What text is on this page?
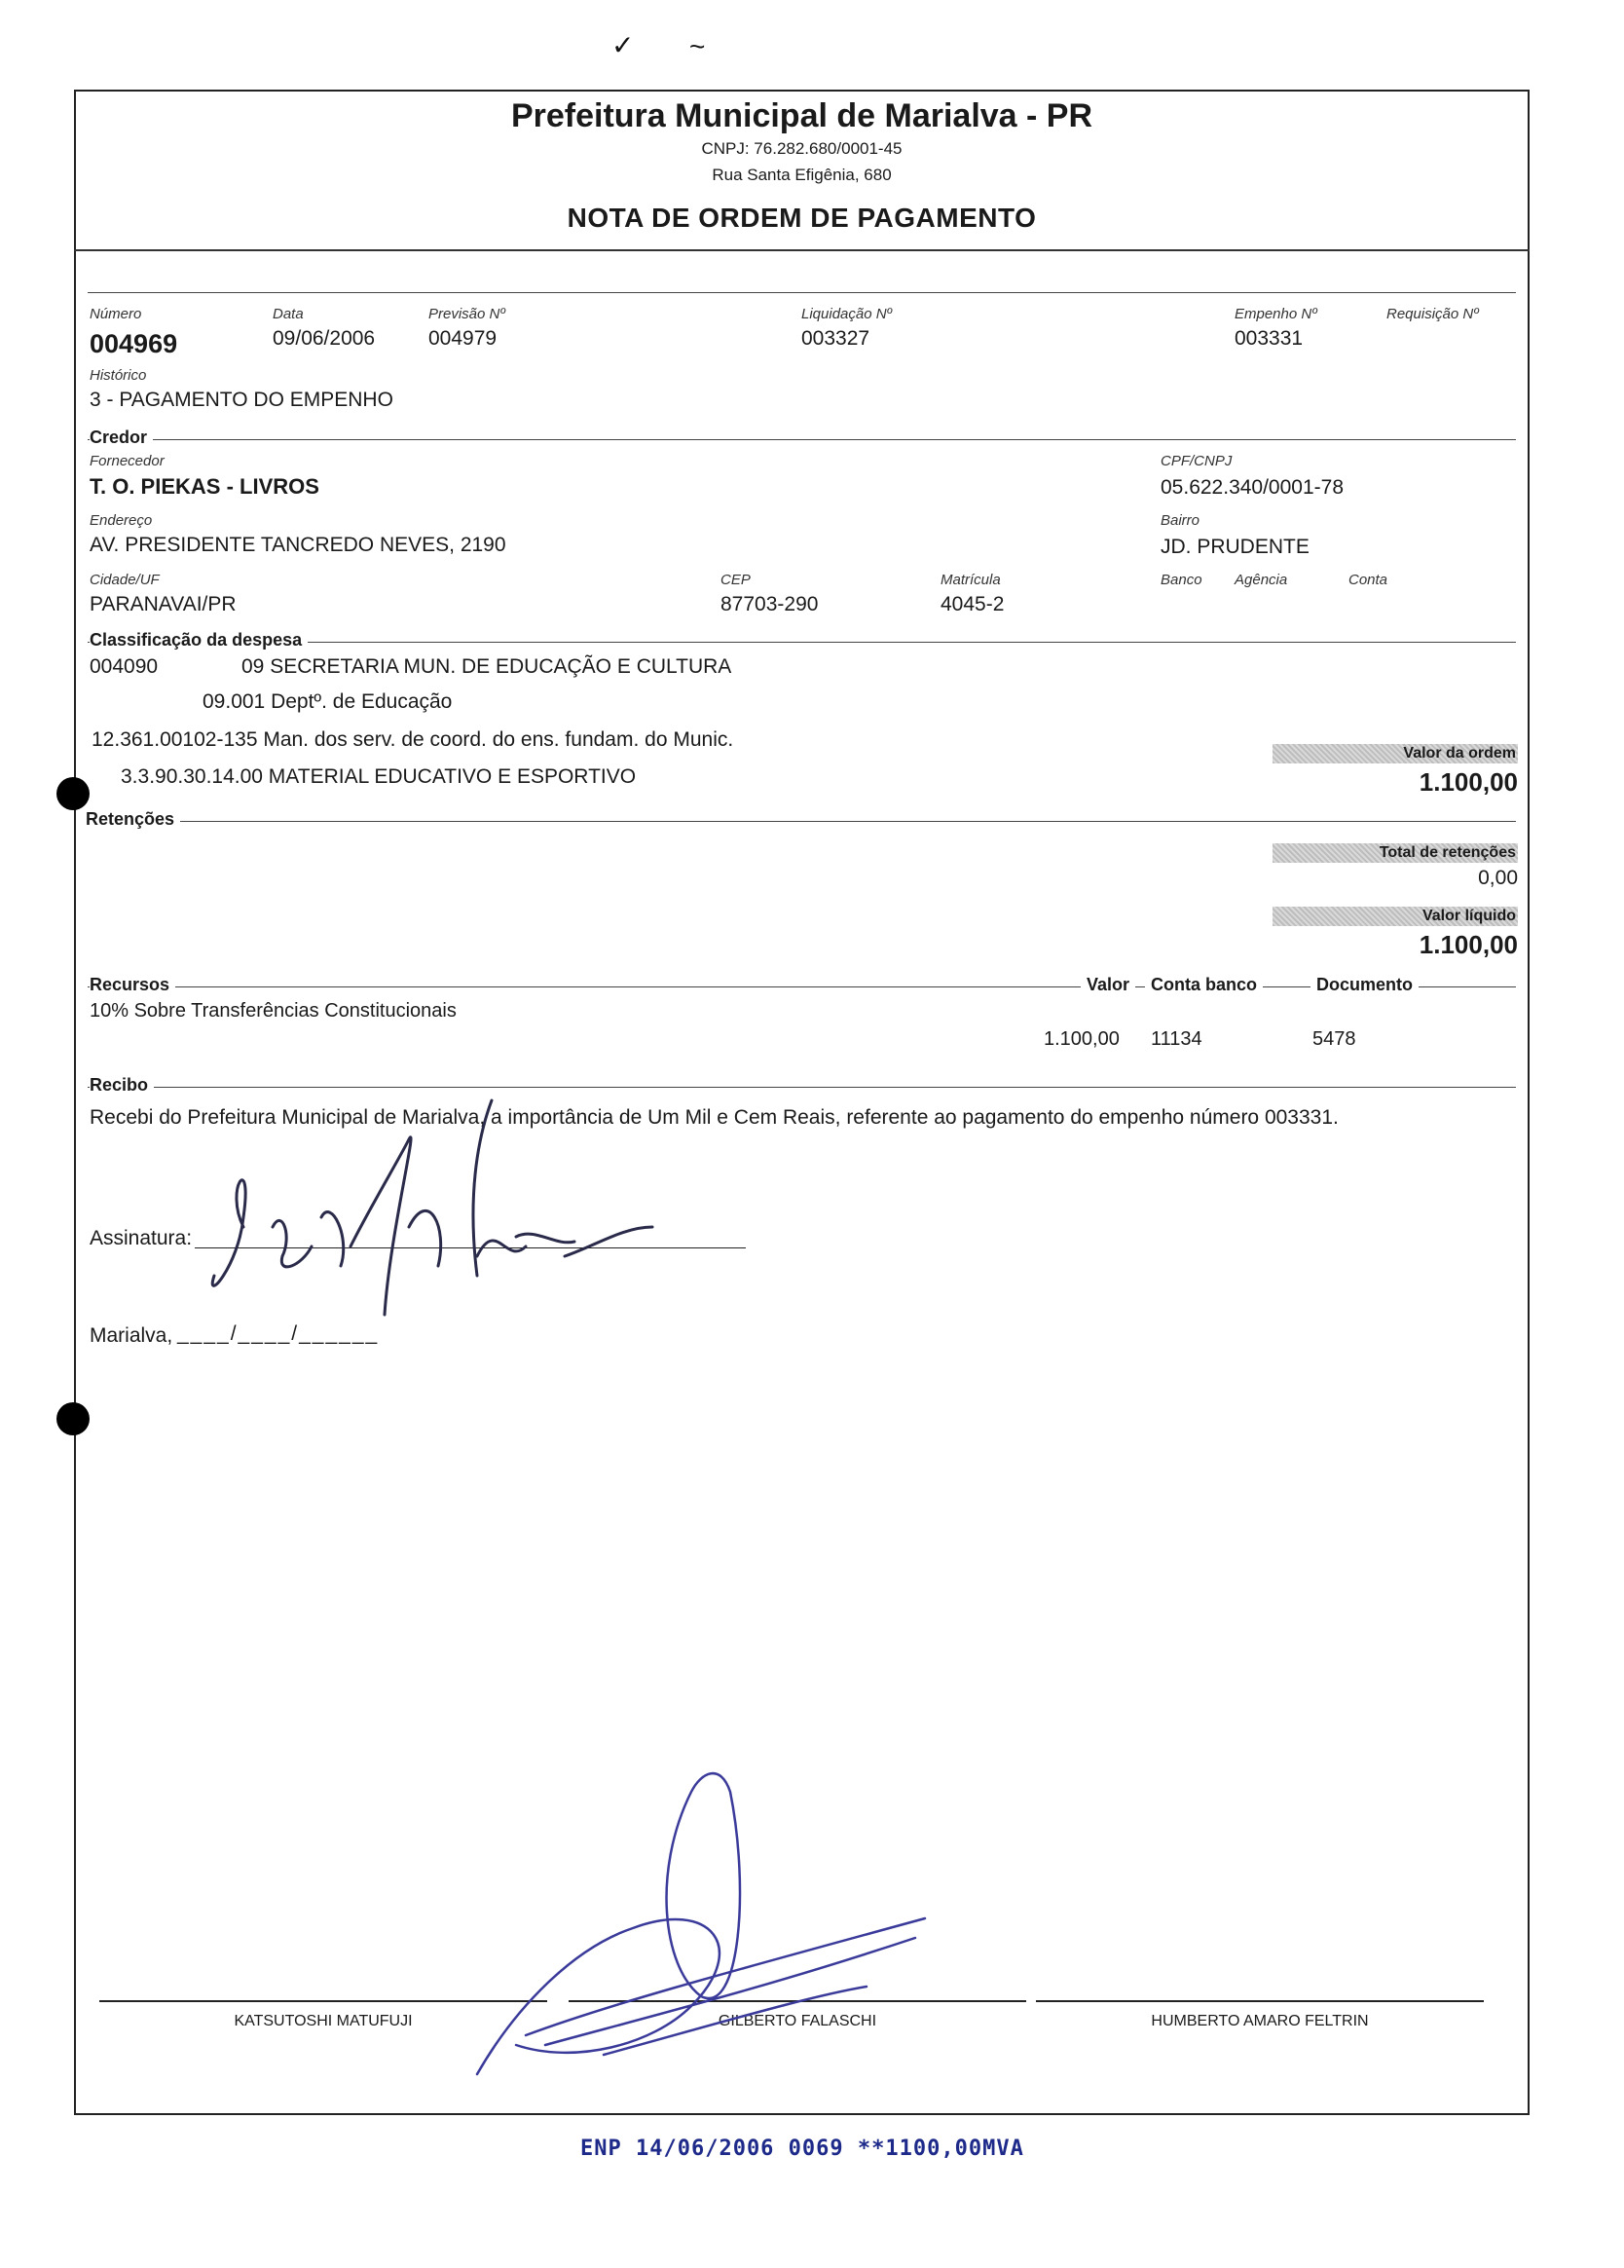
✓ ~
Prefeitura Municipal de Marialva - PR
CNPJ: 76.282.680/0001-45
Rua Santa Efigênia, 680
NOTA DE ORDEM DE PAGAMENTO
Número
004969
Data
09/06/2006
Previsão Nº
004979
Liquidação Nº
003327
Empenho Nº
003331
Requisição Nº
Histórico
3 - PAGAMENTO DO EMPENHO
Credor
Fornecedor
T. O. PIEKAS - LIVROS
CPF/CNPJ
05.622.340/0001-78
Endereço
AV. PRESIDENTE TANCREDO NEVES, 2190
Bairro
JD. PRUDENTE
Cidade/UF
PARANAVAI/PR
CEP
87703-290
Matrícula
4045-2
Banco Agência	Conta
Classificação da despesa
004090	09 SECRETARIA MUN. DE EDUCAÇÃO E CULTURA
09.001 Deptº. de Educação
12.361.00102-135 Man. dos serv. de coord. do ens. fundam. do Munic.
3.3.90.30.14.00 MATERIAL EDUCATIVO E ESPORTIVO
Valor da ordem
1.100,00
Retenções
Total de retenções
0,00
Valor líquido
1.100,00
Recursos	Valor	Conta banco	Documento
10% Sobre Transferências Constitucionais
1.100,00 11134	5478
Recibo
Recebi do Prefeitura Municipal de Marialva, a importância de Um Mil e Cem Reais, referente ao pagamento do empenho número 003331.
Assinatura:
Marialva, ____/____/______
KATSUTOSHI MATUFUJI	GILBERTO FALASCHI	HUMBERTO AMARO FELTRIN
ENP 14/06/2006 0069 **1100,00MVA
